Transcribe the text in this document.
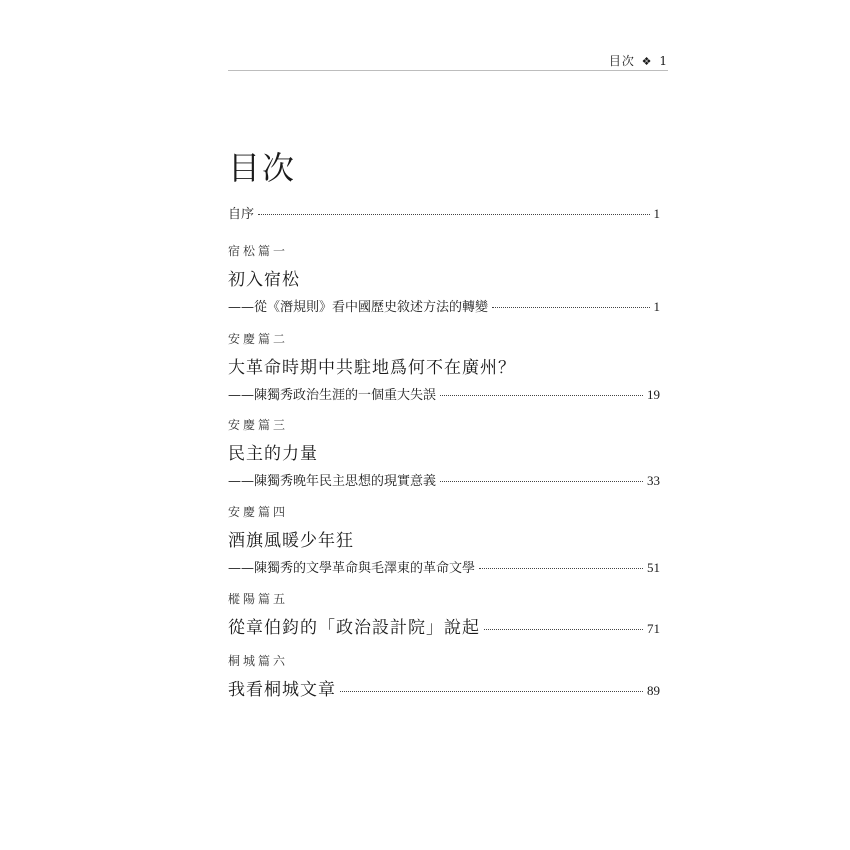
目次 ❖ 1
目次
自序	1
宿松篇一
初入宿松
——從《潛規則》看中國歷史敘述方法的轉變	1
安慶篇二
大革命時期中共駐地爲何不在廣州？
——陳獨秀政治生涯的一個重大失誤	19
安慶篇三
民主的力量
——陳獨秀晚年民主思想的現實意義	33
安慶篇四
酒旗風暖少年狂
——陳獨秀的文學革命與毛澤東的革命文學	51
樅陽篇五
從章伯鈞的「政治設計院」說起	71
桐城篇六
我看桐城文章	89
